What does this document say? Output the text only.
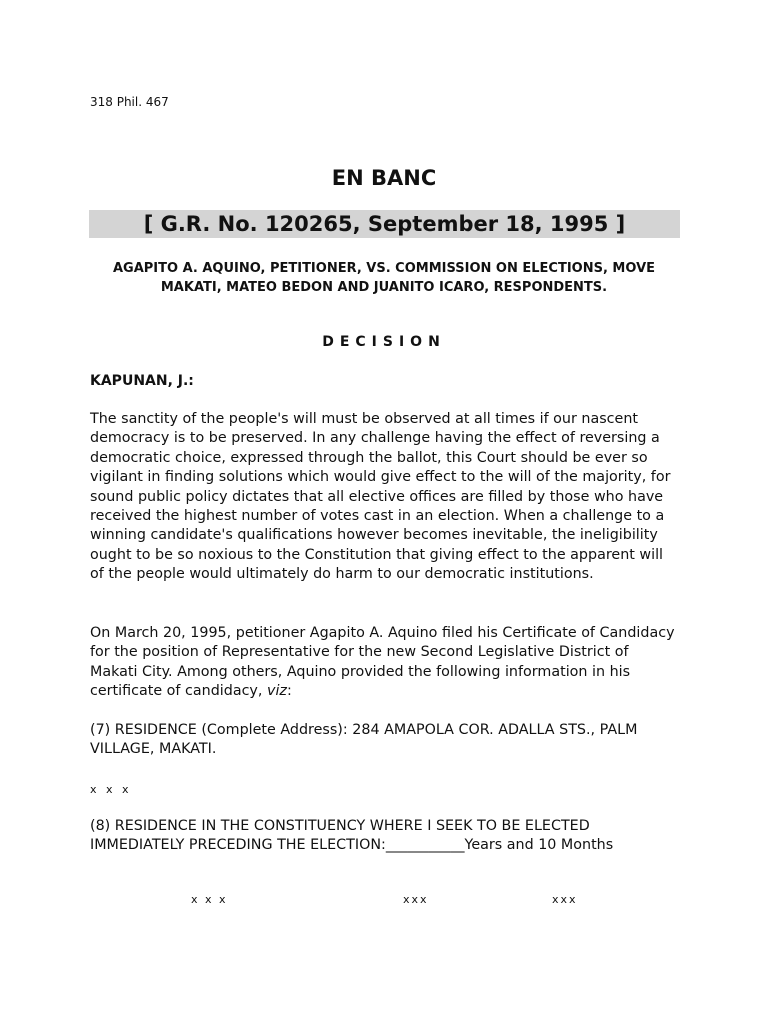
318 Phil. 467
EN BANC
[ G.R. No. 120265, September 18, 1995 ]
AGAPITO A. AQUINO, PETITIONER, VS. COMMISSION ON ELECTIONS, MOVE MAKATI, MATEO BEDON AND JUANITO ICARO, RESPONDENTS.
DECISION
KAPUNAN, J.:
The sanctity of the people's will must be observed at all times if our nascent democracy is to be preserved. In any challenge having the effect of reversing a democratic choice, expressed through the ballot, this Court should be ever so vigilant in finding solutions which would give effect to the will of the majority, for sound public policy dictates that all elective offices are filled by those who have received the highest number of votes cast in an election. When a challenge to a winning candidate's qualifications however becomes inevitable, the ineligibility ought to be so noxious to the Constitution that giving effect to the apparent will of the people would ultimately do harm to our democratic institutions.
On March 20, 1995, petitioner Agapito A. Aquino filed his Certificate of Candidacy for the position of Representative for the new Second Legislative District of Makati City. Among others, Aquino provided the following information in his certificate of candidacy, viz:
(7) RESIDENCE (Complete Address): 284 AMAPOLA COR. ADALLA STS., PALM VILLAGE, MAKATI.
x x x
(8) RESIDENCE IN THE CONSTITUENCY WHERE I SEEK TO BE ELECTED IMMEDIATELY PRECEDING THE ELECTION:___________Years and 10 Months
x x x	xxx	xxx
